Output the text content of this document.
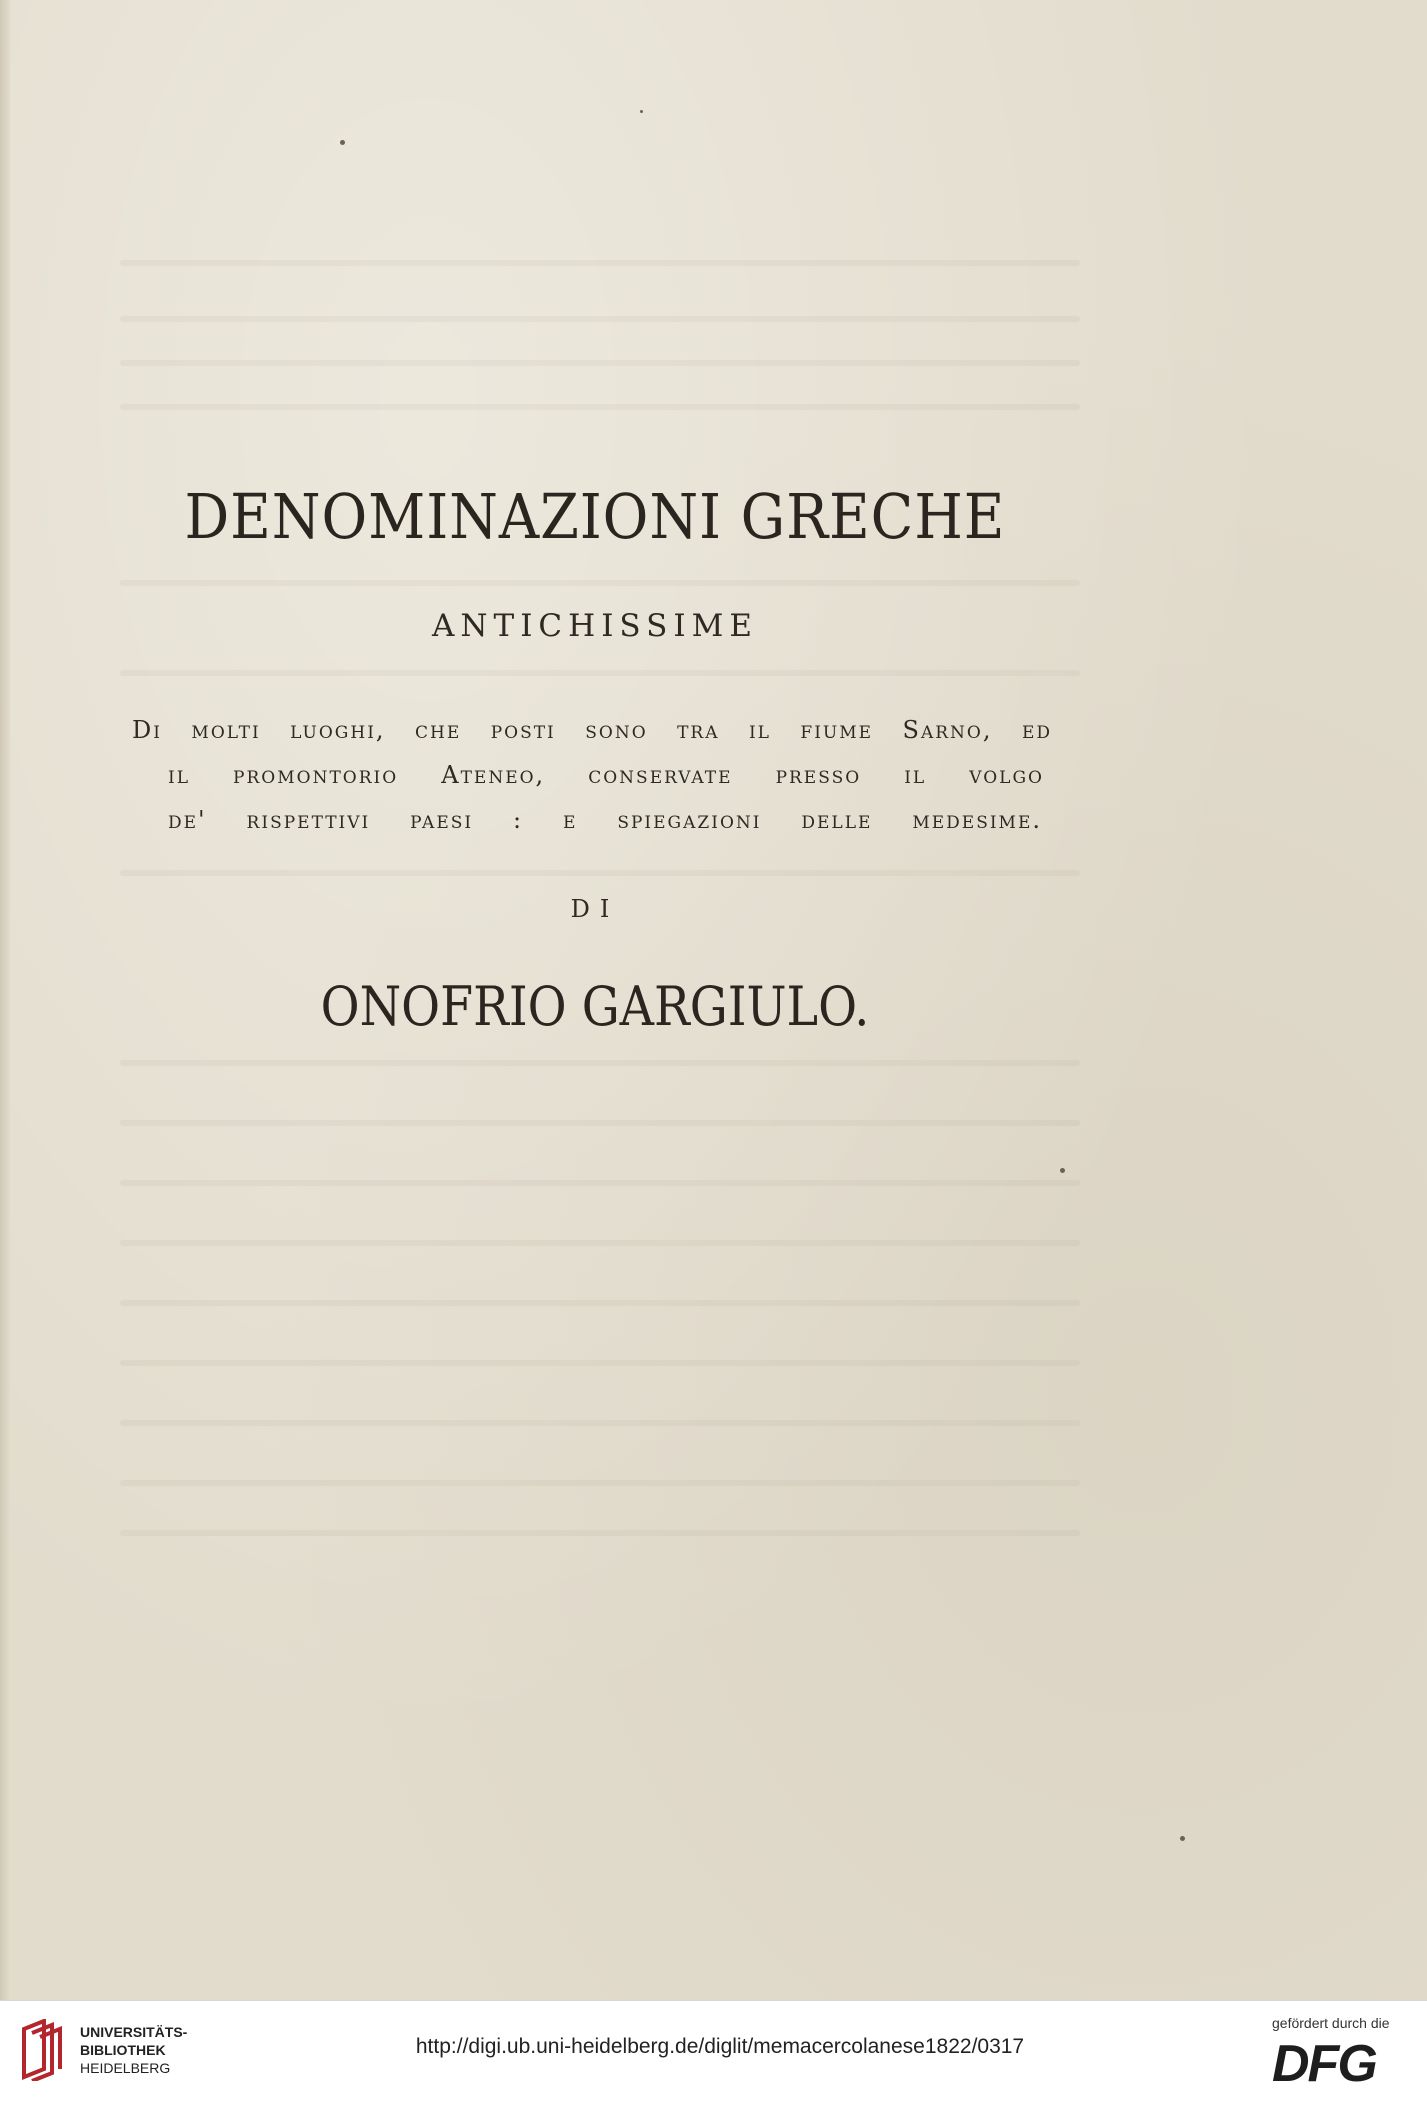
DENOMINAZIONI GRECHE
ANTICHISSIME
Di molti luoghi, che posti sono tra il fiume Sarno, ed
il promontorio Ateneo, conservate presso il volgo
de' rispettivi paesi : e spiegazioni delle medesime.
DI
ONOFRIO GARGIULO.
UNIVERSITÄTS-
BIBLIOTHEK
HEIDELBERG
http://digi.ub.uni-heidelberg.de/diglit/memacercolanese1822/0317
gefördert durch die
DFG
